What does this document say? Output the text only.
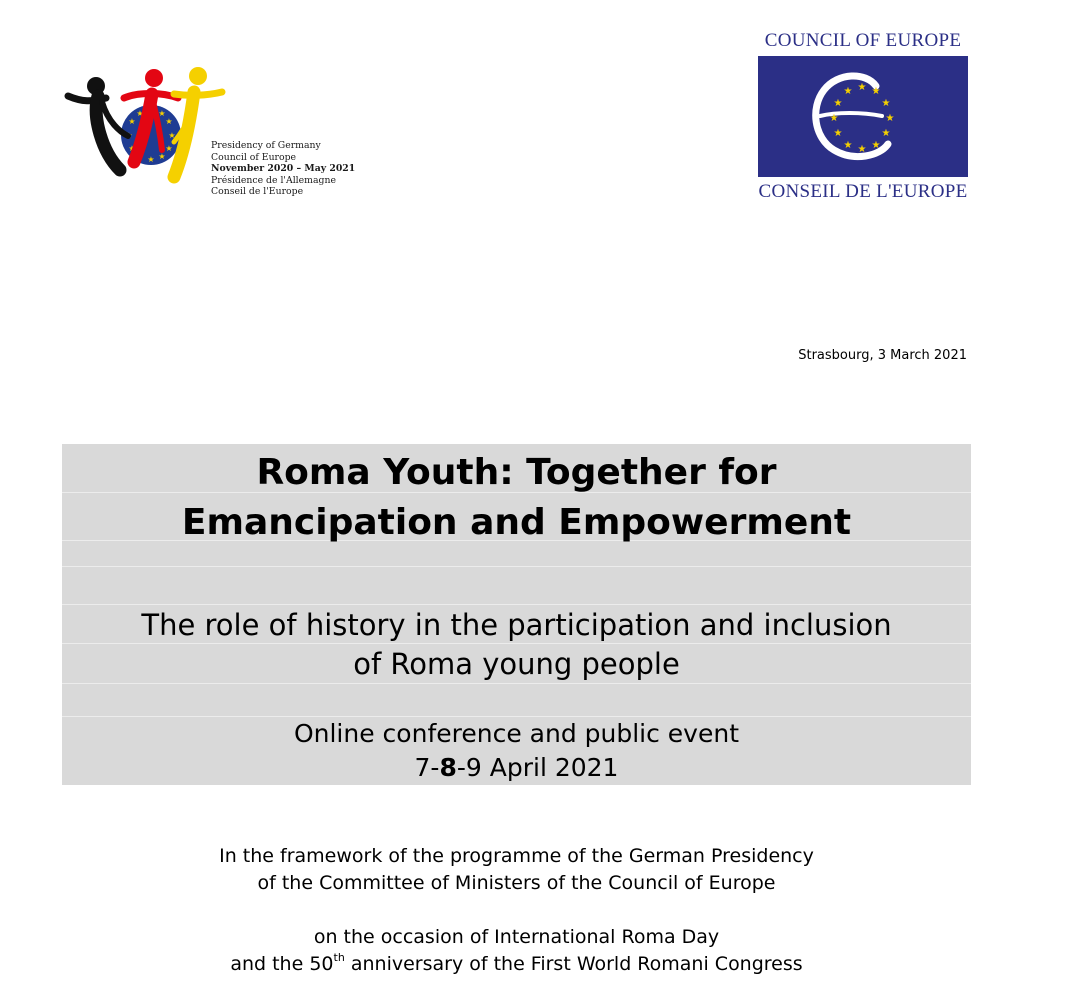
★ ★
★
★
★
★
★
★
★
★
★
★
Presidency of Germany
Council of Europe
November 2020 – May 2021
Présidence de l'Allemagne
Conseil de l'Europe
COUNCIL OF EUROPE
★ ★
★
★
★
★
★
★
★
★
★
★
CONSEIL DE L'EUROPE
Strasbourg, 3 March 2021
Roma Youth: Together for
Emancipation and Empowerment
The role of history in the participation and inclusion
of Roma young people
Online conference and public event
7-8-9 April 2021
In the framework of the programme of the German Presidency
of the Committee of Ministers of the Council of Europe
on the occasion of International Roma Day
and the 50th anniversary of the First World Romani Congress
